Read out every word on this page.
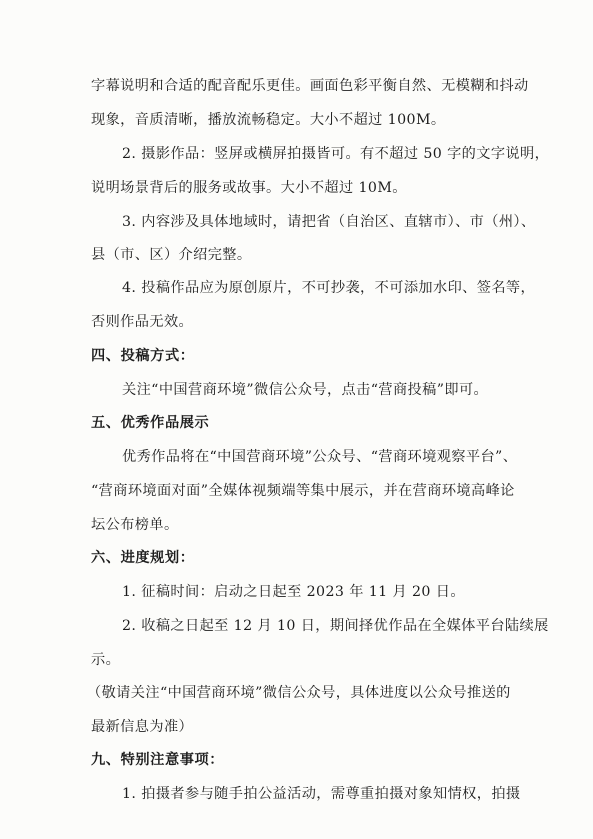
字幕说明和合适的配音配乐更佳。画面色彩平衡自然、无模糊和抖动
现象，音质清晰，播放流畅稳定。大小不超过 100M。
2. 摄影作品：竖屏或横屏拍摄皆可。有不超过 50 字的文字说明，
说明场景背后的服务或故事。大小不超过 10M。
3. 内容涉及具体地域时，请把省（自治区、直辖市）、市（州）、
县（市、区）介绍完整。
4. 投稿作品应为原创原片，不可抄袭，不可添加水印、签名等，
否则作品无效。
四、投稿方式：
关注“中国营商环境”微信公众号，点击“营商投稿”即可。
五、优秀作品展示
优秀作品将在“中国营商环境”公众号、“营商环境观察平台”、
“营商环境面对面”全媒体视频端等集中展示，并在营商环境高峰论
坛公布榜单。
六、进度规划：
1. 征稿时间：启动之日起至 2023 年 11 月 20 日。
2. 收稿之日起至 12 月 10 日，期间择优作品在全媒体平台陆续展
示。
（敬请关注“中国营商环境”微信公众号，具体进度以公众号推送的
最新信息为准）
九、特别注意事项：
1. 拍摄者参与随手拍公益活动，需尊重拍摄对象知情权，拍摄
